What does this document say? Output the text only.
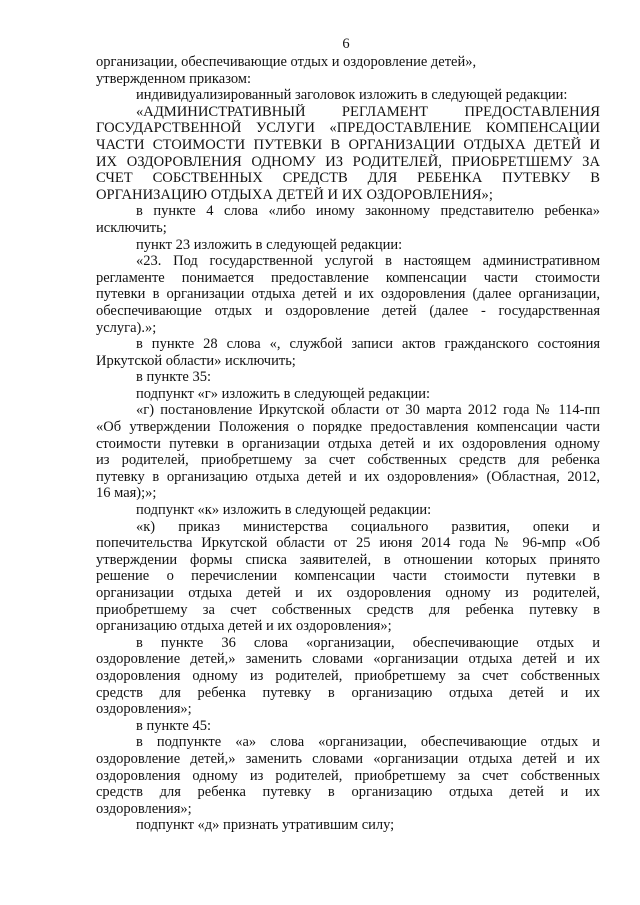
6
организации, обеспечивающие отдых и оздоровление детей»,
утвержденном приказом:
индивидуализированный заголовок изложить в следующей редакции:
«АДМИНИСТРАТИВНЫЙ РЕГЛАМЕНТ ПРЕДОСТАВЛЕНИЯ
ГОСУДАРСТВЕННОЙ УСЛУГИ «ПРЕДОСТАВЛЕНИЕ КОМПЕНСАЦИИ
ЧАСТИ СТОИМОСТИ ПУТЕВКИ В ОРГАНИЗАЦИИ ОТДЫХА ДЕТЕЙ И
ИХ ОЗДОРОВЛЕНИЯ ОДНОМУ ИЗ РОДИТЕЛЕЙ, ПРИОБРЕТШЕМУ ЗА
СЧЕТ СОБСТВЕННЫХ СРЕДСТВ ДЛЯ РЕБЕНКА ПУТЕВКУ В
ОРГАНИЗАЦИЮ ОТДЫХА ДЕТЕЙ И ИХ ОЗДОРОВЛЕНИЯ»;
в пункте 4 слова «либо иному законному представителю ребенка»
исключить;
пункт 23 изложить в следующей редакции:
«23. Под государственной услугой в настоящем административном
регламенте понимается предоставление компенсации части стоимости
путевки в организации отдыха детей и их оздоровления (далее организации,
обеспечивающие отдых и оздоровление детей (далее - государственная
услуга).»;
в пункте 28 слова «, службой записи актов гражданского состояния
Иркутской области» исключить;
в пункте 35:
подпункт «г» изложить в следующей редакции:
«г) постановление Иркутской области от 30 марта 2012 года № 114-пп
«Об утверждении Положения о порядке предоставления компенсации части
стоимости путевки в организации отдыха детей и их оздоровления одному
из родителей, приобретшему за счет собственных средств для ребенка
путевку в организацию отдыха детей и их оздоровления» (Областная, 2012,
16 мая);»;
подпункт «к» изложить в следующей редакции:
«к) приказ министерства социального развития, опеки и
попечительства Иркутской области от 25 июня 2014 года № 96-мпр «Об
утверждении формы списка заявителей, в отношении которых принято
решение о перечислении компенсации части стоимости путевки в
организации отдыха детей и их оздоровления одному из родителей,
приобретшему за счет собственных средств для ребенка путевку в
организацию отдыха детей и их оздоровления»;
в пункте 36 слова «организации, обеспечивающие отдых и
оздоровление детей,» заменить словами «организации отдыха детей и их
оздоровления одному из родителей, приобретшему за счет собственных
средств для ребенка путевку в организацию отдыха детей и их
оздоровления»;
в пункте 45:
в подпункте «а» слова «организации, обеспечивающие отдых и
оздоровление детей,» заменить словами «организации отдыха детей и их
оздоровления одному из родителей, приобретшему за счет собственных
средств для ребенка путевку в организацию отдыха детей и их
оздоровления»;
подпункт «д» признать утратившим силу;
